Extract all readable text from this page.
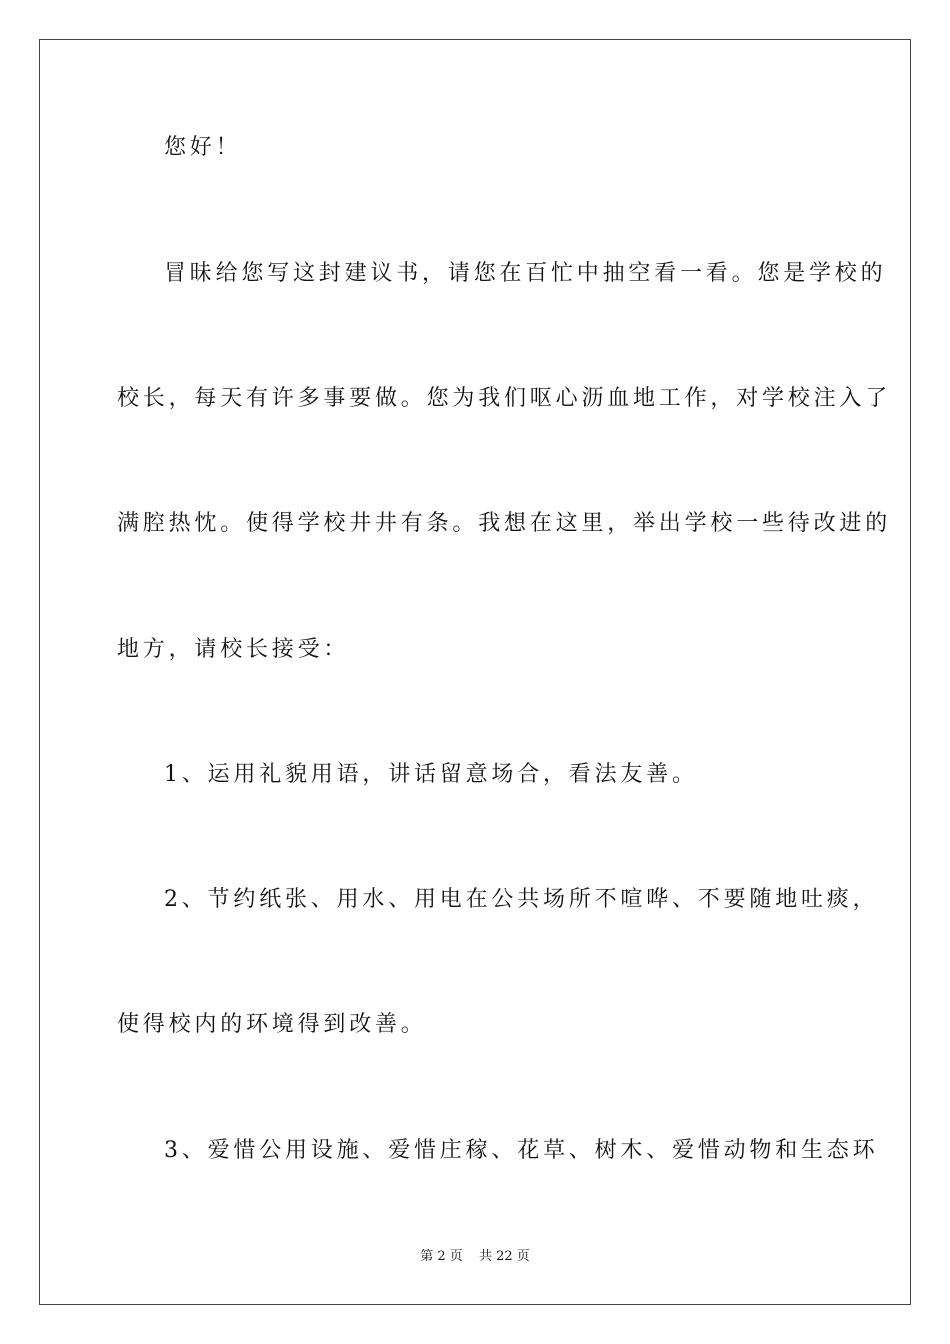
您好！
冒昧给您写这封建议书，请您在百忙中抽空看一看。您是学校的
校长，每天有许多事要做。您为我们呕心沥血地工作，对学校注入了
满腔热忱。使得学校井井有条。我想在这里，举出学校一些待改进的
地方，请校长接受：
1、运用礼貌用语，讲话留意场合，看法友善。
2、节约纸张、用水、用电在公共场所不喧哗、不要随地吐痰，
使得校内的环境得到改善。
3、爱惜公用设施、爱惜庄稼、花草、树木、爱惜动物和生态环
第 2 页 共 22 页
